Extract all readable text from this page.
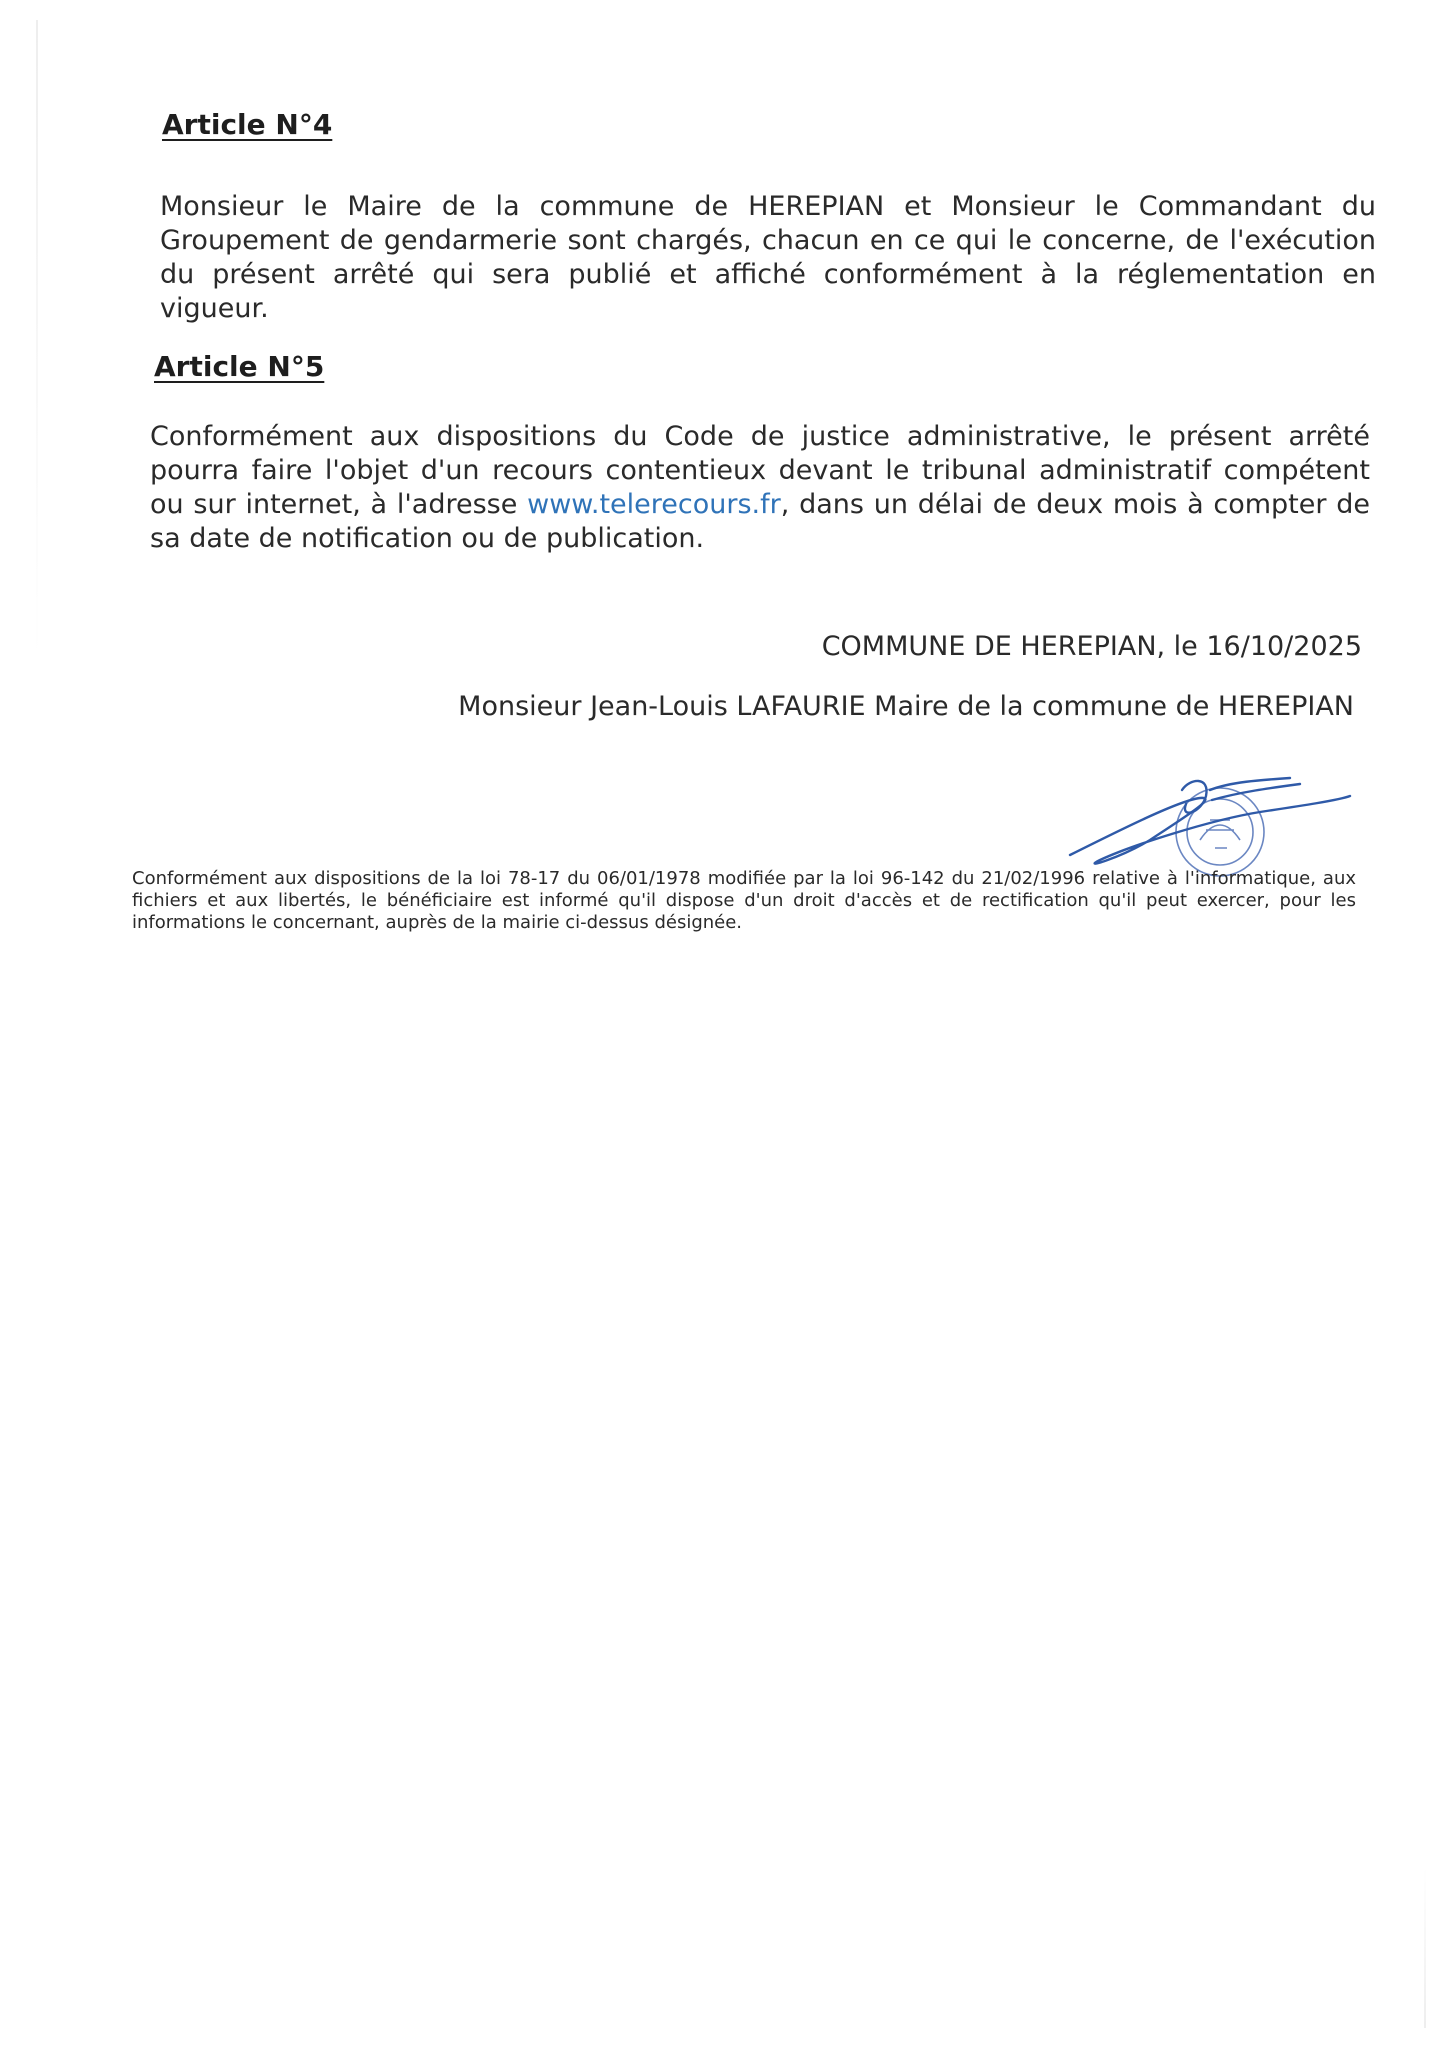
Article N°4

Monsieur le Maire de la commune de HEREPIAN et Monsieur le Commandant du Groupement de gendarmerie sont chargés, chacun en ce qui le concerne, de l'exécution du présent arrêté qui sera publié et affiché conformément à la réglementation en vigueur.

Article N°5

Conformément aux dispositions du Code de justice administrative, le présent arrêté pourra faire l'objet d'un recours contentieux devant le tribunal administratif compétent ou sur internet, à l'adresse www.telerecours.fr, dans un délai de deux mois à compter de sa date de notification ou de publication.

COMMUNE DE HEREPIAN, le 16/10/2025

Monsieur Jean-Louis LAFAURIE Maire de la commune de HEREPIAN

Conformément aux dispositions de la loi 78-17 du 06/01/1978 modifiée par la loi 96-142 du 21/02/1996 relative à l'informatique, aux fichiers et aux libertés, le bénéficiaire est informé qu'il dispose d'un droit d'accès et de rectification qu'il peut exercer, pour les informations le concernant, auprès de la mairie ci-dessus désignée.
